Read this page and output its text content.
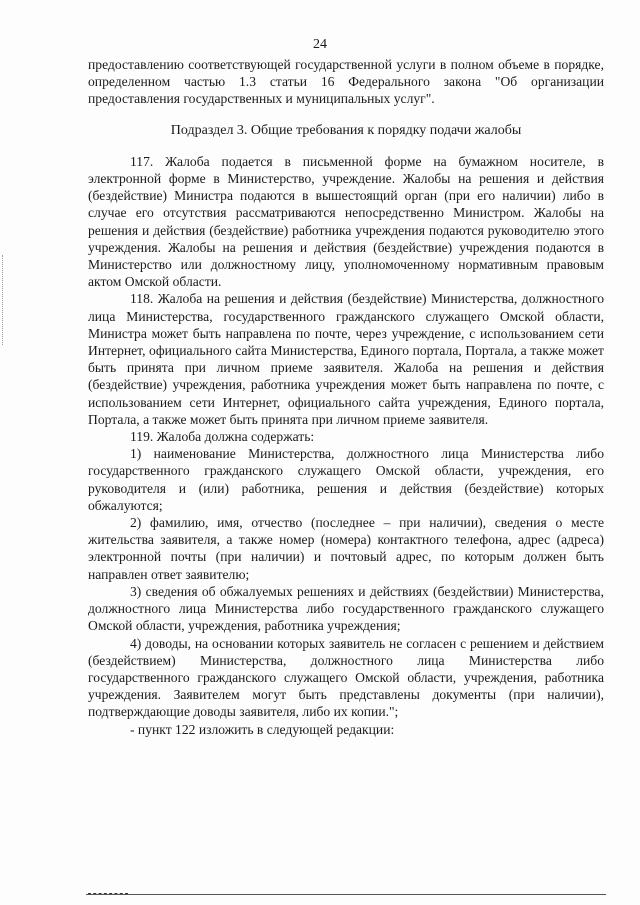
24

предоставлению соответствующей государственной услуги в полном объеме в порядке, определенном частью 1.3 статьи 16 Федерального закона "Об организации предоставления государственных и муниципальных услуг".

Подраздел 3. Общие требования к порядку подачи жалобы

117. Жалоба подается в письменной форме на бумажном носителе, в электронной форме в Министерство, учреждение. Жалобы на решения и действия (бездействие) Министра подаются в вышестоящий орган (при его наличии) либо в случае его отсутствия рассматриваются непосредственно Министром. Жалобы на решения и действия (бездействие) работника учреждения подаются руководителю этого учреждения. Жалобы на решения и действия (бездействие) учреждения подаются в Министерство или должностному лицу, уполномоченному нормативным правовым актом Омской области.

118. Жалоба на решения и действия (бездействие) Министерства, должностного лица Министерства, государственного гражданского служащего Омской области, Министра может быть направлена по почте, через учреждение, с использованием сети Интернет, официального сайта Министерства, Единого портала, Портала, а также может быть принята при личном приеме заявителя. Жалоба на решения и действия (бездействие) учреждения, работника учреждения может быть направлена по почте, с использованием сети Интернет, официального сайта учреждения, Единого портала, Портала, а также может быть принята при личном приеме заявителя.

119. Жалоба должна содержать:

1) наименование Министерства, должностного лица Министерства либо государственного гражданского служащего Омской области, учреждения, его руководителя и (или) работника, решения и действия (бездействие) которых обжалуются;

2) фамилию, имя, отчество (последнее – при наличии), сведения о месте жительства заявителя, а также номер (номера) контактного телефона, адрес (адреса) электронной почты (при наличии) и почтовый адрес, по которым должен быть направлен ответ заявителю;

3) сведения об обжалуемых решениях и действиях (бездействии) Министерства, должностного лица Министерства либо государственного гражданского служащего Омской области, учреждения, работника учреждения;

4) доводы, на основании которых заявитель не согласен с решением и действием (бездействием) Министерства, должностного лица Министерства либо государственного гражданского служащего Омской области, учреждения, работника учреждения. Заявителем могут быть представлены документы (при наличии), подтверждающие доводы заявителя, либо их копии.";

- пункт 122 изложить в следующей редакции:
